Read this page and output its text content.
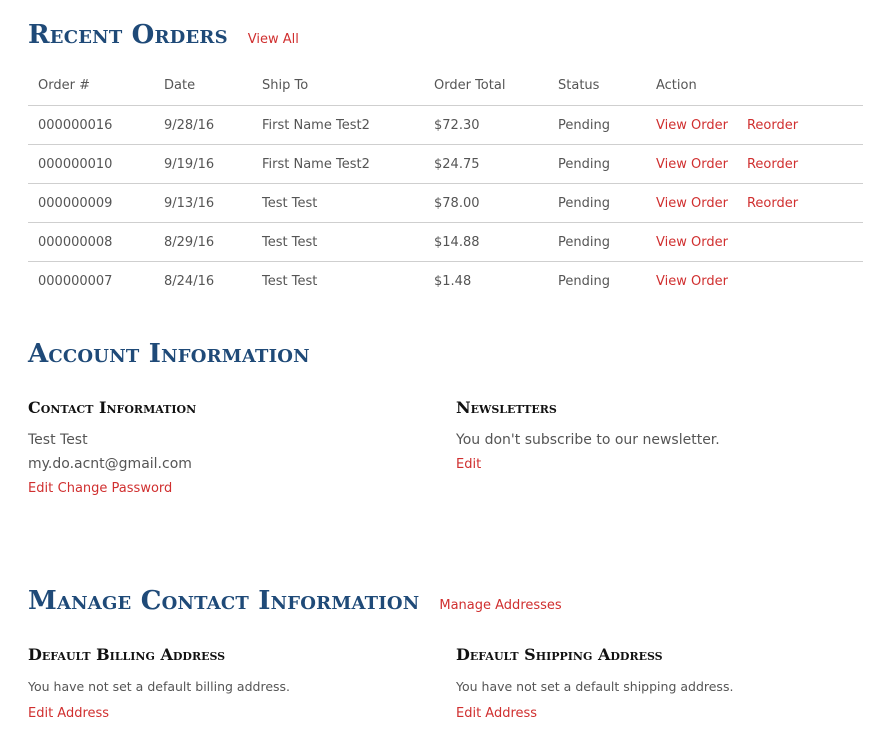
Recent Orders View All
Order #	Date	Ship To	Order Total	Status	Action
000000016	9/28/16	First Name Test2	$72.30	Pending	View Order Reorder
000000010	9/19/16	First Name Test2	$24.75	Pending	View Order Reorder
000000009	9/13/16	Test Test	$78.00	Pending	View Order Reorder
000000008	8/29/16	Test Test	$14.88	Pending	View Order
000000007	8/24/16	Test Test	$1.48	Pending	View Order
Account Information
Contact Information
Test Test
my.do.acnt@gmail.com
Edit Change Password
Newsletters
You don't subscribe to our newsletter.
Edit
Manage Contact Information Manage Addresses
Default Billing Address
You have not set a default billing address.
Edit Address
Default Shipping Address
You have not set a default shipping address.
Edit Address
